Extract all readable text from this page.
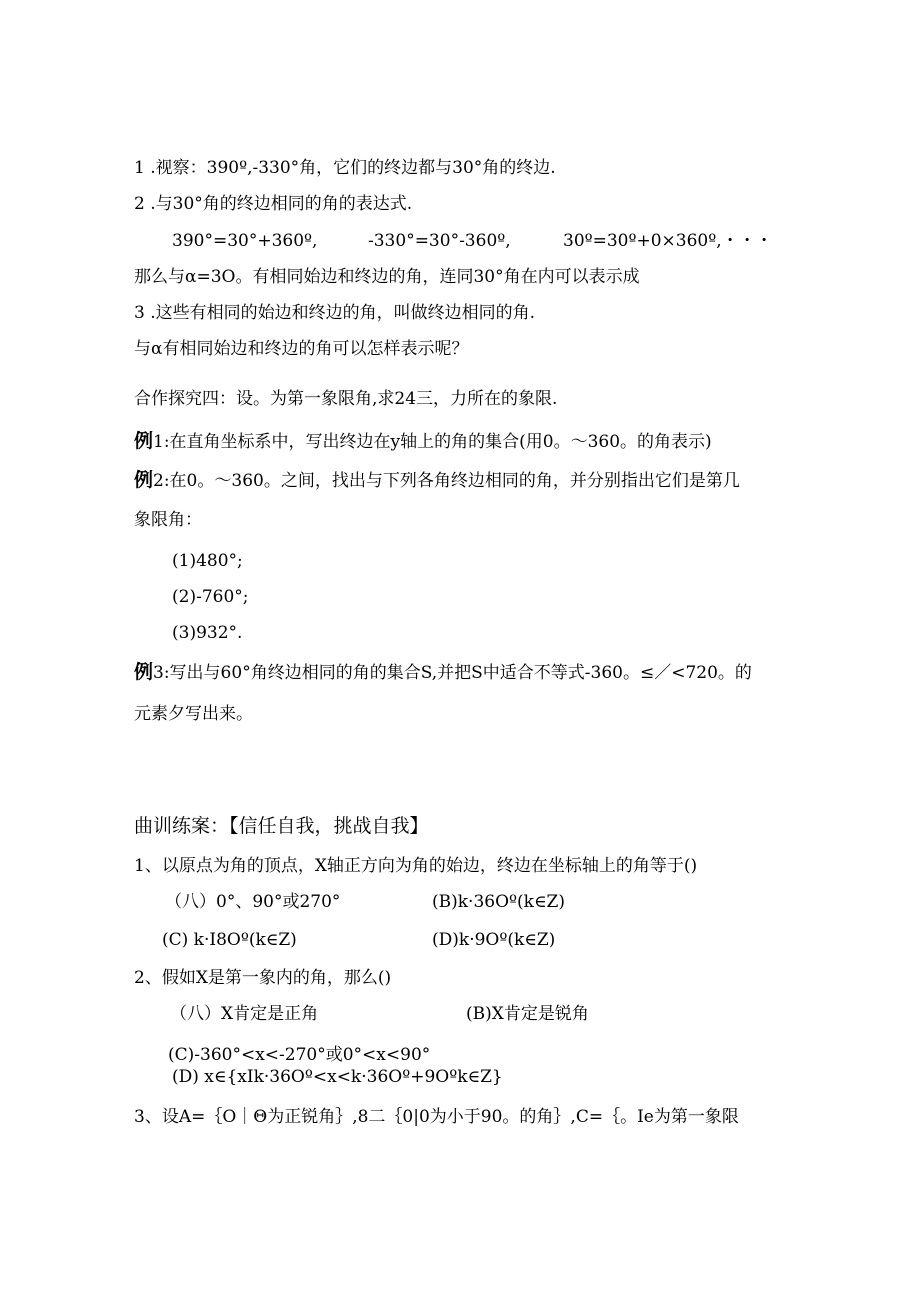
1 .视察：390º,-330°角，它们的终边都与30°角的终边.
2 .与30°角的终边相同的角的表达式.
390°=30°+360º,	-330°=30°-360º,	30º=30º+0×360º,・・・
那么与α=3O。有相同始边和终边的角，连同30°角在内可以表示成
3 .这些有相同的始边和终边的角，叫做终边相同的角.
与α有相同始边和终边的角可以怎样表示呢？
合作探究四：设。为第一象限角,求24三，力所在的象限.
例1:在直角坐标系中，写出终边在y轴上的角的集合(用0。～360。的角表示)
例2:在0。～360。之间，找出与下列各角终边相同的角，并分别指出它们是第几
象限角：
(1)480°;
(2)-760°;
(3)932°.
例3:写出与60°角终边相同的角的集合S,并把S中适合不等式-360。≤／<720。的
元素夕写出来。
曲训练案：【信任自我，挑战自我】
1、以原点为角的顶点，X轴正方向为角的始边，终边在坐标轴上的角等于()
（八）0°、90°或270°	(B)k·36Oº(k∈Z)
(C) k·I8Oº(k∈Z)	(D)k·9Oº(k∈Z)
2、假如X是第一象内的角，那么()
（八）X肯定是正角	(B)X肯定是锐角
(C)-360°<x<-270°或0°<x<90°
(D) x∈{xIk·36Oº<x<k·36Oº+9Oºk∈Z}
3、设A=｛O｜Θ为正锐角｝,8二｛0|0为小于90。的角｝,C=｛。Ie为第一象限
